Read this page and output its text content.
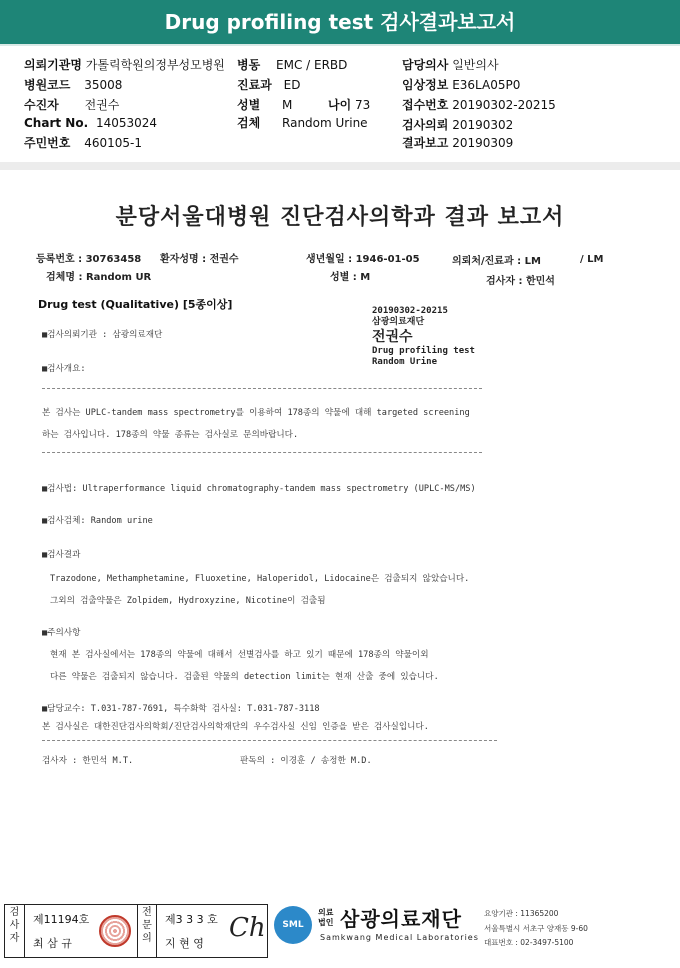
Drug profiling test 검사결과보고서
의뢰기관명 가톨릭학원의정부성모병원 병동 EMC / ERBD	담당의사 일반의사
병원코드 35008	진료과 ED	임상정보 E36LA05P0
수진자 전권수	성별 M	나이 73	접수번호 20190302-20215
Chart No. 14053024	검체 Random Urine	검사의뢰 20190302
주민번호 460105-1	결과보고 20190309
분당서울대병원 진단검사의학과 결과 보고서
등록번호 : 30763458 환자성명 : 전권수	생년월일 : 1946-01-05	의뢰처/진료과 : LM	/ LM
검체명 : Random UR	성별 : M	검사자 : 한민석
Drug test (Qualitative) [5종이상]	20190302-20215
삼광의료재단
전권수
Drug profiling test
Random Urine
■검사의뢰기관 : 삼광의료재단
■검사개요:
본 검사는 UPLC-tandem mass spectrometry를 이용하여 178종의 약물에 대해 targeted screening
하는 검사입니다. 178종의 약물 종류는 검사실로 문의바랍니다.
■검사법: Ultraperformance liquid chromatography-tandem mass spectrometry (UPLC-MS/MS)
■검사검체: Random urine
■검사결과
Trazodone, Methamphetamine, Fluoxetine, Haloperidol, Lidocaine은 검출되지 않았습니다.
그외의 검출약물은 Zolpidem, Hydroxyzine, Nicotine이 검출됨
■주의사항
현재 본 검사실에서는 178종의 약물에 대해서 선별검사를 하고 있기 때문에 178종의 약물이외
다른 약물은 검출되지 않습니다. 검출된 약물의 detection limit는 현재 산출 중에 있습니다.
■담당교수: T.031-787-7691, 특수화학 검사실: T.031-787-3118
본 검사실은 대한진단검사의학회/진단검사의학재단의 우수검사실 신임 인증을 받은 검사실입니다.
검사자 : 한민석 M.T.	판독의 : 이경훈 / 송정한 M.D.
검사자
제11194호
최 삼 규
전문의
제3 3 3 호
지 현 영
Ch	SML
의료
법인 삼광의료재단
Samkwang Medical Laboratories
요양기관 : 11365200
서울특별시 서초구 양재동 9-60
대표번호 : 02-3497-5100
